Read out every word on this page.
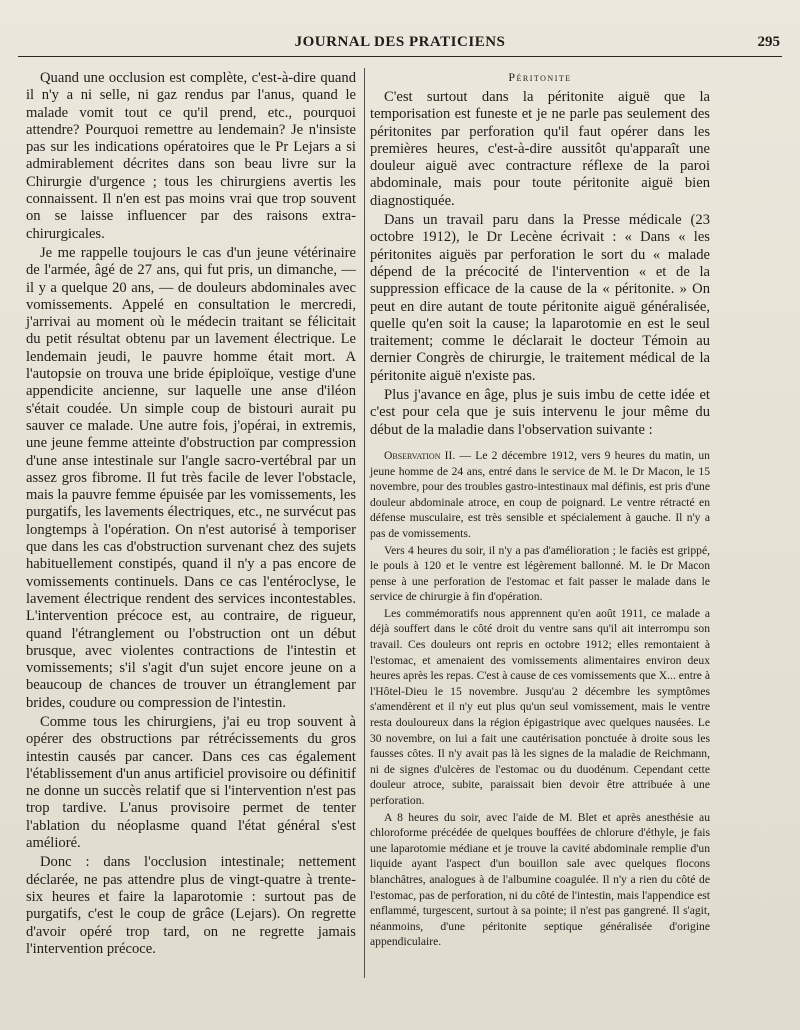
JOURNAL DES PRATICIENS	295

Quand une occlusion est complète, c'est-à-dire quand il n'y a ni selle, ni gaz rendus par l'anus, quand le malade vomit tout ce qu'il prend, etc., pourquoi attendre? Pourquoi remettre au lendemain? Je n'insiste pas sur les indications opératoires que le Pr Lejars a si admirablement décrites dans son beau livre sur la Chirurgie d'urgence ; tous les chirurgiens avertis les connaissent. Il n'en est pas moins vrai que trop souvent on se laisse influencer par des raisons extra-chirurgicales.

Je me rappelle toujours le cas d'un jeune vétérinaire de l'armée, âgé de 27 ans, qui fut pris, un dimanche, — il y a quelque 20 ans, — de douleurs abdominales avec vomissements. Appelé en consultation le mercredi, j'arrivai au moment où le médecin traitant se félicitait du petit résultat obtenu par un lavement électrique. Le lendemain jeudi, le pauvre homme était mort. A l'autopsie on trouva une bride épiploïque, vestige d'une appendicite ancienne, sur laquelle une anse d'iléon s'était coudée. Un simple coup de bistouri aurait pu sauver ce malade. Une autre fois, j'opérai, in extremis, une jeune femme atteinte d'obstruction par compression d'une anse intestinale sur l'angle sacro-vertébral par un assez gros fibrome. Il fut très facile de lever l'obstacle, mais la pauvre femme épuisée par les vomissements, les purgatifs, les lavements électriques, etc., ne survécut pas longtemps à l'opération. On n'est autorisé à temporiser que dans les cas d'obstruction survenant chez des sujets habituellement constipés, quand il n'y a pas encore de vomissements continuels. Dans ce cas l'entéroclyse, le lavement électrique rendent des services incontestables. L'intervention précoce est, au contraire, de rigueur, quand l'étranglement ou l'obstruction ont un début brusque, avec violentes contractions de l'intestin et vomissements; s'il s'agit d'un sujet encore jeune on a beaucoup de chances de trouver un étranglement par brides, coudure ou compression de l'intestin.

Comme tous les chirurgiens, j'ai eu trop souvent à opérer des obstructions par rétrécissements du gros intestin causés par cancer. Dans ces cas également l'établissement d'un anus artificiel provisoire ou définitif ne donne un succès relatif que si l'intervention n'est pas trop tardive. L'anus provisoire permet de tenter l'ablation du néoplasme quand l'état général s'est amélioré.

Donc : dans l'occlusion intestinale; nettement déclarée, ne pas attendre plus de vingt-quatre à trente-six heures et faire la laparotomie : surtout pas de purgatifs, c'est le coup de grâce (Lejars). On regrette d'avoir opéré trop tard, on ne regrette jamais l'intervention précoce.

Péritonite

C'est surtout dans la péritonite aiguë que la temporisation est funeste et je ne parle pas seulement des péritonites par perforation qu'il faut opérer dans les premières heures, c'est-à-dire aussitôt qu'apparaît une douleur aiguë avec contracture réflexe de la paroi abdominale, mais pour toute péritonite aiguë bien diagnostiquée.

Dans un travail paru dans la Presse médicale (23 octobre 1912), le Dr Lecène écrivait : « Dans « les péritonites aiguës par perforation le sort du « malade dépend de la précocité de l'intervention « et de la suppression efficace de la cause de la « péritonite. » On peut en dire autant de toute péritonite aiguë généralisée, quelle qu'en soit la cause; la laparotomie en est le seul traitement; comme le déclarait le docteur Témoin au dernier Congrès de chirurgie, le traitement médical de la péritonite aiguë n'existe pas.

Plus j'avance en âge, plus je suis imbu de cette idée et c'est pour cela que je suis intervenu le jour même du début de la maladie dans l'observation suivante :

Observation II. — Le 2 décembre 1912, vers 9 heures du matin, un jeune homme de 24 ans, entré dans le service de M. le Dr Macon, le 15 novembre, pour des troubles gastro-intestinaux mal définis, est pris d'une douleur abdominale atroce, en coup de poignard. Le ventre rétracté en défense musculaire, est très sensible et spécialement à gauche. Il n'y a pas de vomissements.

Vers 4 heures du soir, il n'y a pas d'amélioration ; le faciès est grippé, le pouls à 120 et le ventre est légèrement ballonné. M. le Dr Macon pense à une perforation de l'estomac et fait passer le malade dans le service de chirurgie à fin d'opération.

Les commémoratifs nous apprennent qu'en août 1911, ce malade a déjà souffert dans le côté droit du ventre sans qu'il ait interrompu son travail. Ces douleurs ont repris en octobre 1912; elles remontaient à l'estomac, et amenaient des vomissements alimentaires environ deux heures après les repas. C'est à cause de ces vomissements que X... entre à l'Hôtel-Dieu le 15 novembre. Jusqu'au 2 décembre les symptômes s'amendèrent et il n'y eut plus qu'un seul vomissement, mais le ventre resta douloureux dans la région épigastrique avec quelques nausées. Le 30 novembre, on lui a fait une cautérisation ponctuée à droite sous les fausses côtes. Il n'y avait pas là les signes de la maladie de Reichmann, ni de signes d'ulcères de l'estomac ou du duodénum. Cependant cette douleur atroce, subite, paraissait bien devoir être attribuée à une perforation.

A 8 heures du soir, avec l'aide de M. Blet et après anesthésie au chloroforme précédée de quelques bouffées de chlorure d'éthyle, je fais une laparotomie médiane et je trouve la cavité abdominale remplie d'un liquide ayant l'aspect d'un bouillon sale avec quelques flocons blanchâtres, analogues à de l'albumine coagulée. Il n'y a rien du côté de l'estomac, pas de perforation, ni du côté de l'intestin, mais l'appendice est enflammé, turgescent, surtout à sa pointe; il n'est pas gangrené. Il s'agit, néanmoins, d'une péritonite septique généralisée d'origine appendiculaire.
